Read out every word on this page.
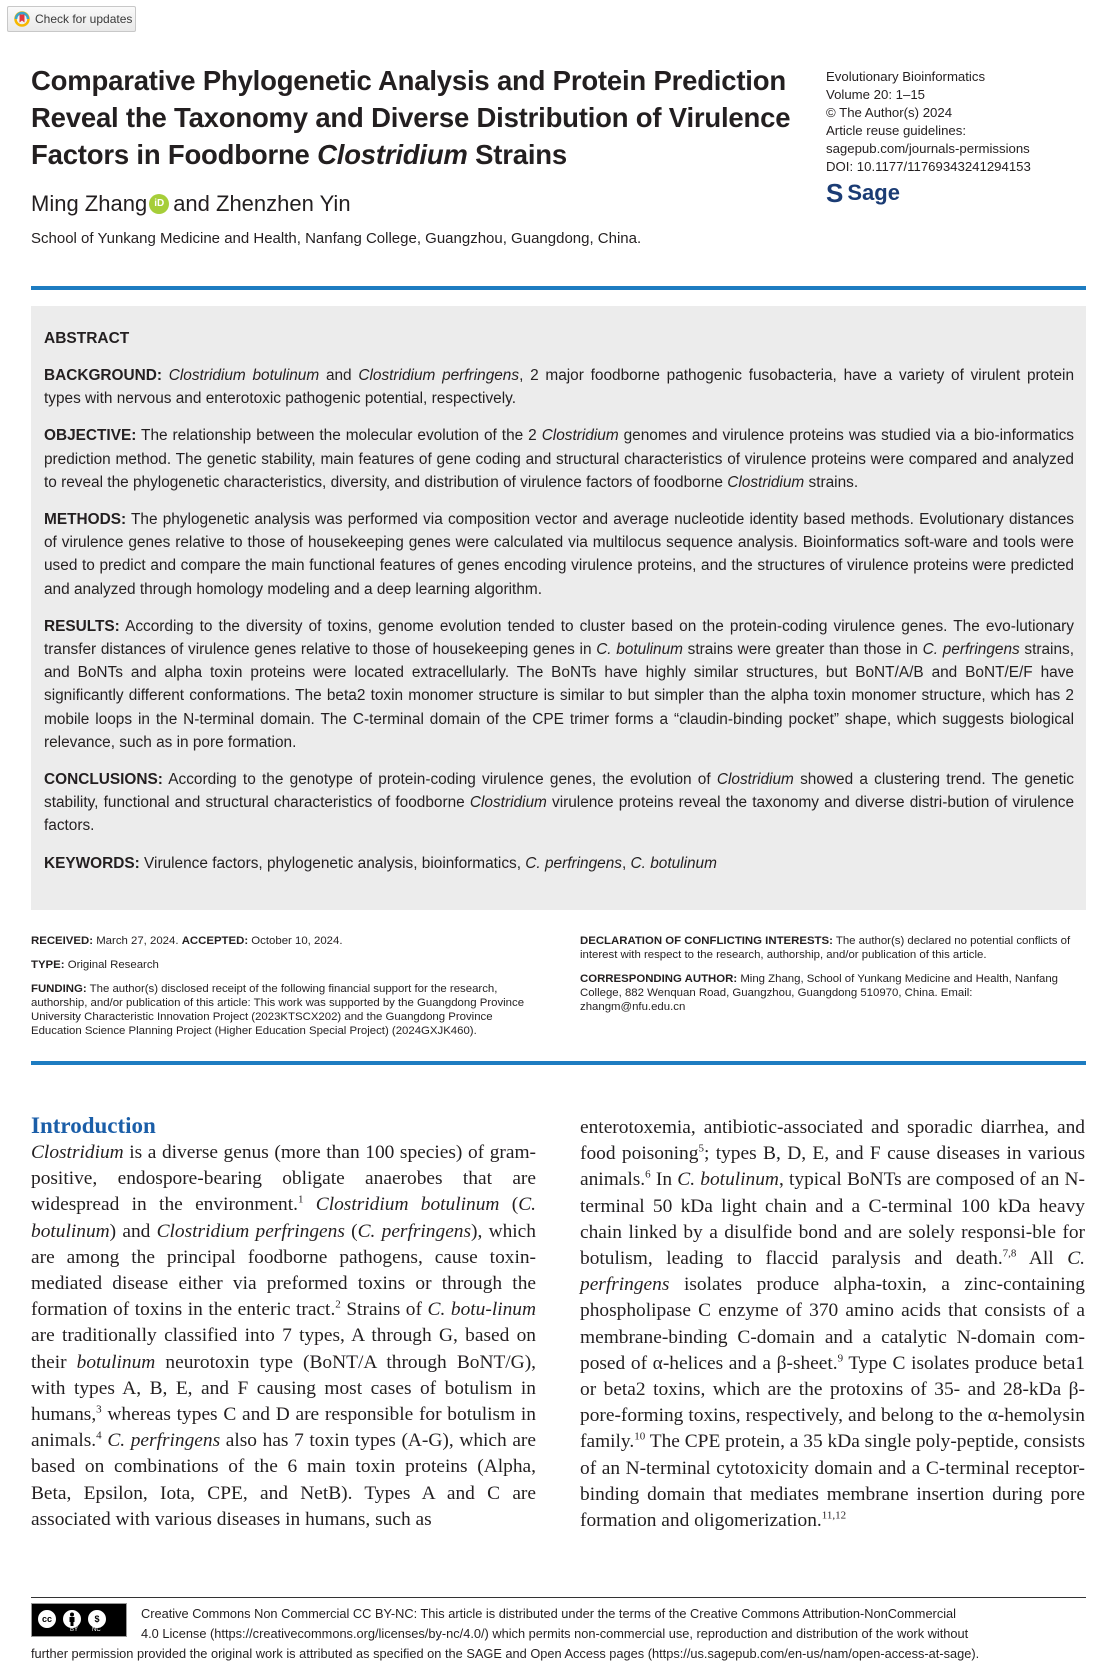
Check for updates
Comparative Phylogenetic Analysis and Protein Prediction Reveal the Taxonomy and Diverse Distribution of Virulence Factors in Foodborne Clostridium Strains
Ming Zhang iD and Zhenzhen Yin
School of Yunkang Medicine and Health, Nanfang College, Guangzhou, Guangdong, China.
Evolutionary Bioinformatics
Volume 20: 1–15
© The Author(s) 2024
Article reuse guidelines:
sagepub.com/journals-permissions
DOI: 10.1177/11769343241294153
S Sage
ABSTRACT

BACKGROUND: Clostridium botulinum and Clostridium perfringens, 2 major foodborne pathogenic fusobacteria, have a variety of virulent protein types with nervous and enterotoxic pathogenic potential, respectively.

OBJECTIVE: The relationship between the molecular evolution of the 2 Clostridium genomes and virulence proteins was studied via a bio-informatics prediction method. The genetic stability, main features of gene coding and structural characteristics of virulence proteins were compared and analyzed to reveal the phylogenetic characteristics, diversity, and distribution of virulence factors of foodborne Clostridium strains.

METHODS: The phylogenetic analysis was performed via composition vector and average nucleotide identity based methods. Evolutionary distances of virulence genes relative to those of housekeeping genes were calculated via multilocus sequence analysis. Bioinformatics soft-ware and tools were used to predict and compare the main functional features of genes encoding virulence proteins, and the structures of virulence proteins were predicted and analyzed through homology modeling and a deep learning algorithm.

RESULTS: According to the diversity of toxins, genome evolution tended to cluster based on the protein-coding virulence genes. The evo-lutionary transfer distances of virulence genes relative to those of housekeeping genes in C. botulinum strains were greater than those in C. perfringens strains, and BoNTs and alpha toxin proteins were located extracellularly. The BoNTs have highly similar structures, but BoNT/A/B and BoNT/E/F have significantly different conformations. The beta2 toxin monomer structure is similar to but simpler than the alpha toxin monomer structure, which has 2 mobile loops in the N-terminal domain. The C-terminal domain of the CPE trimer forms a “claudin-binding pocket” shape, which suggests biological relevance, such as in pore formation.

CONCLUSIONS: According to the genotype of protein-coding virulence genes, the evolution of Clostridium showed a clustering trend. The genetic stability, functional and structural characteristics of foodborne Clostridium virulence proteins reveal the taxonomy and diverse distri-bution of virulence factors.

KEYWORDS: Virulence factors, phylogenetic analysis, bioinformatics, C. perfringens, C. botulinum

RECEIVED: March 27, 2024. ACCEPTED: October 10, 2024.

TYPE: Original Research

FUNDING: The author(s) disclosed receipt of the following financial support for the research, authorship, and/or publication of this article: This work was supported by the Guangdong Province University Characteristic Innovation Project (2023KTSCX202) and the Guangdong Province Education Science Planning Project (Higher Education Special Project) (2024GXJK460).

DECLARATION OF CONFLICTING INTERESTS: The author(s) declared no potential conflicts of interest with respect to the research, authorship, and/or publication of this article.

CORRESPONDING AUTHOR: Ming Zhang, School of Yunkang Medicine and Health, Nanfang College, 882 Wenquan Road, Guangzhou, Guangdong 510970, China. Email: zhangm@nfu.edu.cn

Introduction

Clostridium is a diverse genus (more than 100 species) of gram-positive, endospore-bearing obligate anaerobes that are widespread in the environment.$^1$ Clostridium botulinum (C. botulinum) and Clostridium perfringens (C. perfringens), which are among the principal foodborne pathogens, cause toxin-mediated disease either via preformed toxins or through the formation of toxins in the enteric tract.$^2$ Strains of C. botu-linum are traditionally classified into 7 types, A through G, based on their botulinum neurotoxin type (BoNT/A through BoNT/G), with types A, B, E, and F causing most cases of botulism in humans,$^3$ whereas types C and D are responsible for botulism in animals.$^4$ C. perfringens also has 7 toxin types (A-G), which are based on combinations of the 6 main toxin proteins (Alpha, Beta, Epsilon, Iota, CPE, and NetB). Types A and C are associated with various diseases in humans, such as

enterotoxemia, antibiotic-associated and sporadic diarrhea, and food poisoning$^5$; types B, D, E, and F cause diseases in various animals.$^6$ In C. botulinum, typical BoNTs are composed of an N-terminal 50 kDa light chain and a C-terminal 100 kDa heavy chain linked by a disulfide bond and are solely responsi-ble for botulism, leading to flaccid paralysis and death.$^{7,8}$ All C. perfringens isolates produce alpha-toxin, a zinc-containing phospholipase C enzyme of 370 amino acids that consists of a membrane-binding C-domain and a catalytic N-domain com-posed of α-helices and a β-sheet.$^9$ Type C isolates produce beta1 or beta2 toxins, which are the protoxins of 35- and 28-kDa β-pore-forming toxins, respectively, and belong to the α-hemolysin family.$^{10}$ The CPE protein, a 35 kDa single poly-peptide, consists of an N-terminal cytotoxicity domain and a C-terminal receptor-binding domain that mediates membrane insertion during pore formation and oligomerization.$^{11,12}$

cc	$
BY NC
Creative Commons Non Commercial CC BY-NC: This article is distributed under the terms of the Creative Commons Attribution-NonCommercial
4.0 License (https://creativecommons.org/licenses/by-nc/4.0/) which permits non-commercial use, reproduction and distribution of the work without
further permission provided the original work is attributed as specified on the SAGE and Open Access pages (https://us.sagepub.com/en-us/nam/open-access-at-sage).
